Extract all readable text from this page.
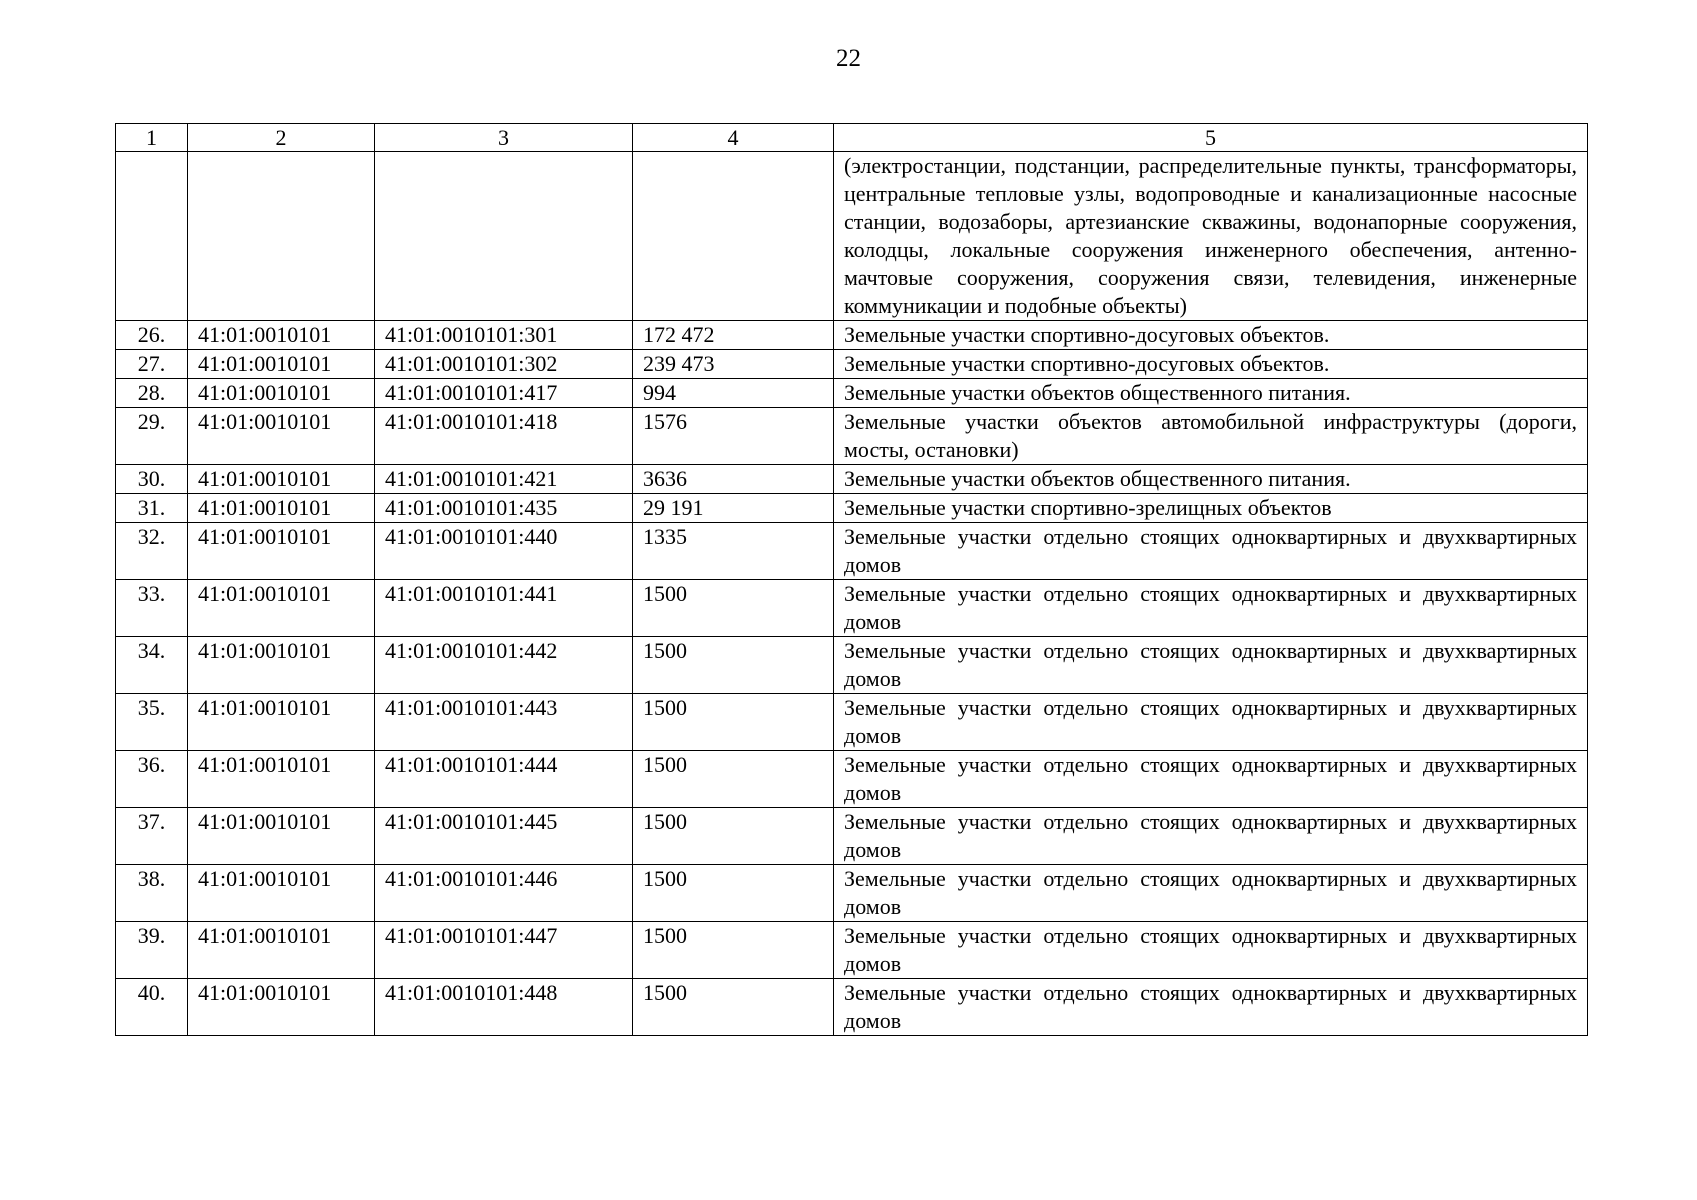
22
1	2	3	4	5
				(электростанции, подстанции, распределительные пункты, трансформаторы, центральные тепловые узлы, водопроводные и канализационные насосные станции, водозаборы, артезианские скважины, водонапорные сооружения, колодцы, локальные сооружения инженерного обеспечения, антенно-мачтовые сооружения, сооружения связи, телевидения, инженерные коммуникации и подобные объекты)
26.	41:01:0010101	41:01:0010101:301	172 472	Земельные участки спортивно-досуговых объектов.
27.	41:01:0010101	41:01:0010101:302	239 473	Земельные участки спортивно-досуговых объектов.
28.	41:01:0010101	41:01:0010101:417	994	Земельные участки объектов общественного питания.
29.	41:01:0010101	41:01:0010101:418	1576	Земельные участки объектов автомобильной инфраструктуры (дороги, мосты, остановки)
30.	41:01:0010101	41:01:0010101:421	3636	Земельные участки объектов общественного питания.
31.	41:01:0010101	41:01:0010101:435	29 191	Земельные участки спортивно-зрелищных объектов
32.	41:01:0010101	41:01:0010101:440	1335	Земельные участки отдельно стоящих одноквартирных и двухквартирных домов
33.	41:01:0010101	41:01:0010101:441	1500	Земельные участки отдельно стоящих одноквартирных и двухквартирных домов
34.	41:01:0010101	41:01:0010101:442	1500	Земельные участки отдельно стоящих одноквартирных и двухквартирных домов
35.	41:01:0010101	41:01:0010101:443	1500	Земельные участки отдельно стоящих одноквартирных и двухквартирных домов
36.	41:01:0010101	41:01:0010101:444	1500	Земельные участки отдельно стоящих одноквартирных и двухквартирных домов
37.	41:01:0010101	41:01:0010101:445	1500	Земельные участки отдельно стоящих одноквартирных и двухквартирных домов
38.	41:01:0010101	41:01:0010101:446	1500	Земельные участки отдельно стоящих одноквартирных и двухквартирных домов
39.	41:01:0010101	41:01:0010101:447	1500	Земельные участки отдельно стоящих одноквартирных и двухквартирных домов
40.	41:01:0010101	41:01:0010101:448	1500	Земельные участки отдельно стоящих одноквартирных и двухквартирных домов
